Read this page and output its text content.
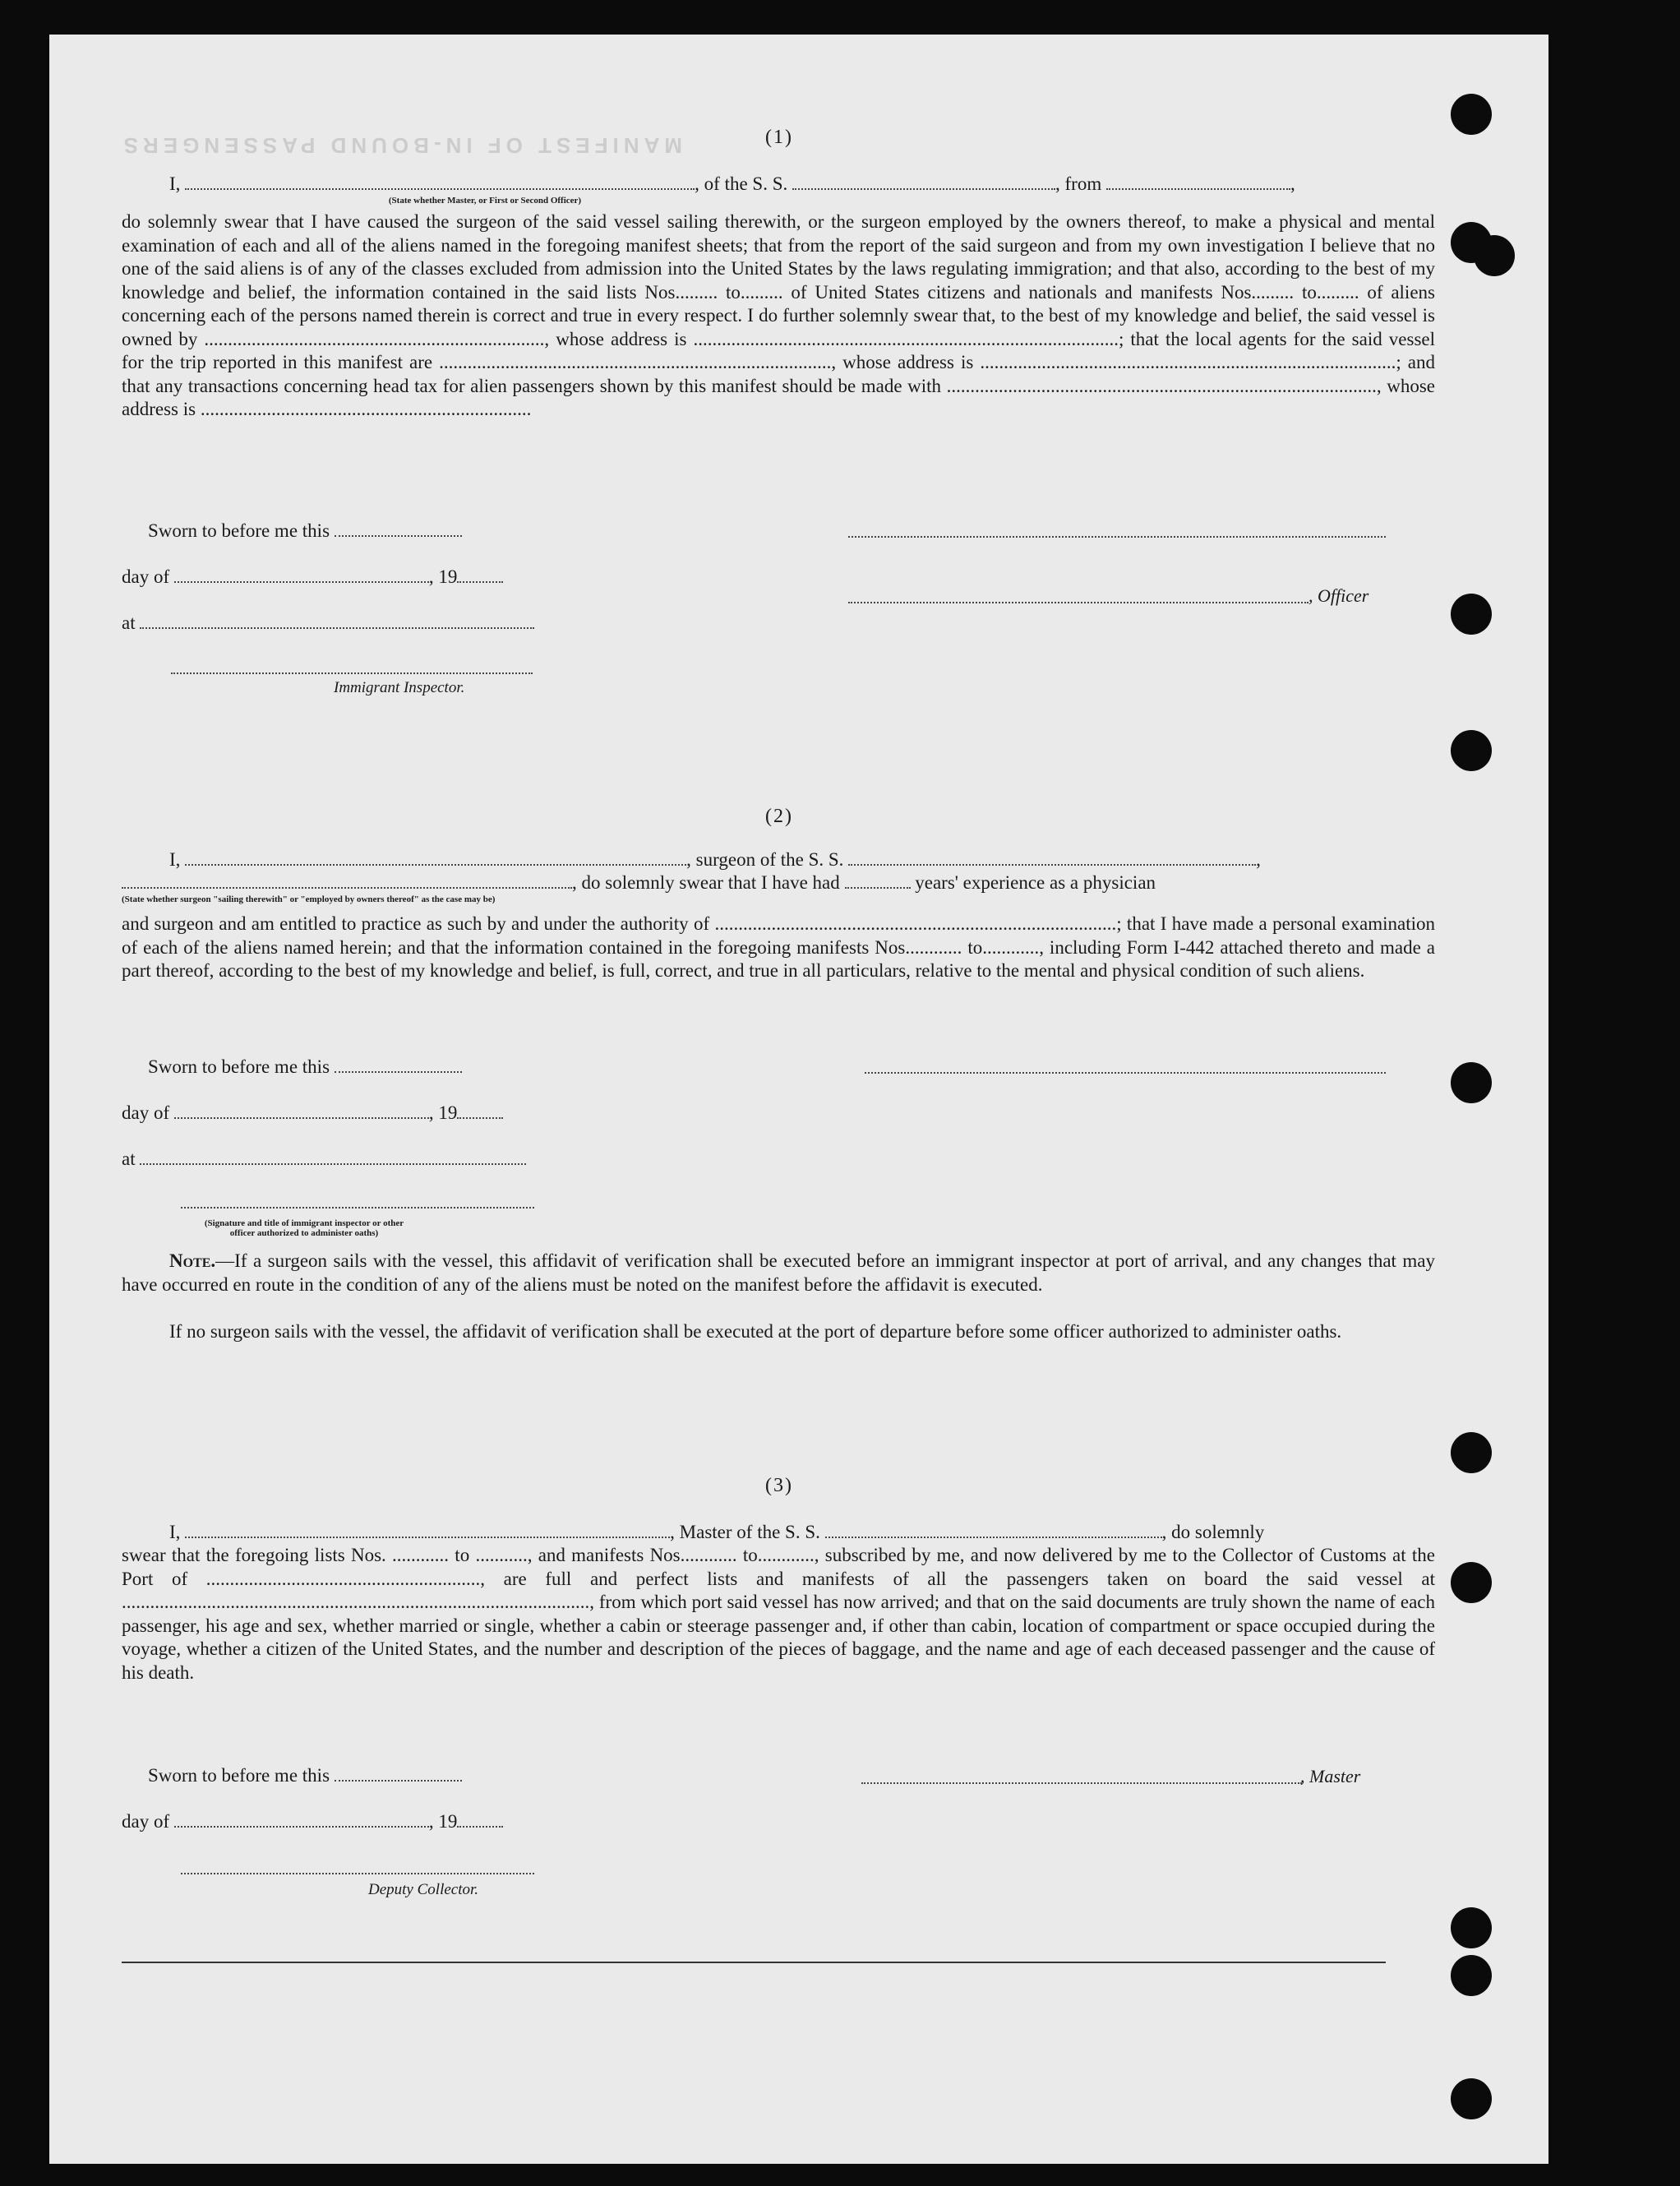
MANIFEST OF IN-BOUND PASSENGERS	(1)
I,	, of the S. S.	, from	,
(State whether Master, or First or Second Officer)
do solemnly swear that I have caused the surgeon of the said vessel sailing therewith, or the surgeon employed by the owners thereof, to make a physical and mental examination of each and all of the aliens named in the foregoing manifest sheets; that from the report of the said surgeon and from my own investigation I believe that no one of the said aliens is of any of the classes excluded from admission into the United States by the laws regulating immigration; and that also, according to the best of my knowledge and belief, the information contained in the said lists Nos......... to......... of United States citizens and nationals and manifests Nos......... to......... of aliens concerning each of the persons named therein is correct and true in every respect. I do further solemnly swear that, to the best of my knowledge and belief, the said vessel is owned by ........................................................................, whose address is ..........................................................................................; that the local agents for the said vessel for the trip reported in this manifest are ..................................................................................., whose address is ........................................................................................; and that any transactions concerning head tax for alien passengers shown by this manifest should be made with ..........................................................................................., whose address is ......................................................................
Sworn to before me this
day of	, 19
, Officer
at
Immigrant Inspector.
(2)
I,	, surgeon of the S. S.	,
, do solemnly swear that I have had	years' experience as a physician
(State whether surgeon "sailing therewith" or "employed by owners thereof" as the case may be)
and surgeon and am entitled to practice as such by and under the authority of .....................................................................................; that I have made a personal examination of each of the aliens named herein; and that the information contained in the foregoing manifests Nos............ to............, including Form I-442 attached thereto and made a part thereof, according to the best of my knowledge and belief, is full, correct, and true in all particulars, relative to the mental and physical condition of such aliens.
Sworn to before me this
day of	, 19
at
(Signature and title of immigrant inspector or other officer authorized to administer oaths)
Note.—If a surgeon sails with the vessel, this affidavit of verification shall be executed before an immigrant inspector at port of arrival, and any changes that may have occurred en route in the condition of any of the aliens must be noted on the manifest before the affidavit is executed.
If no surgeon sails with the vessel, the affidavit of verification shall be executed at the port of departure before some officer authorized to administer oaths.
(3)
I,	, Master of the S. S.	, do solemnly
swear that the foregoing lists Nos. ............ to ..........., and manifests Nos............ to............, subscribed by me, and now delivered by me to the Collector of Customs at the Port of .........................................................., are full and perfect lists and manifests of all the passengers taken on board the said vessel at ..................................................................................................., from which port said vessel has now arrived; and that on the said documents are truly shown the name of each passenger, his age and sex, whether married or single, whether a cabin or steerage passenger and, if other than cabin, location of compartment or space occupied during the voyage, whether a citizen of the United States, and the number and description of the pieces of baggage, and the name and age of each deceased passenger and the cause of his death.
Sworn to before me this	, Master
day of	, 19
Deputy Collector.
